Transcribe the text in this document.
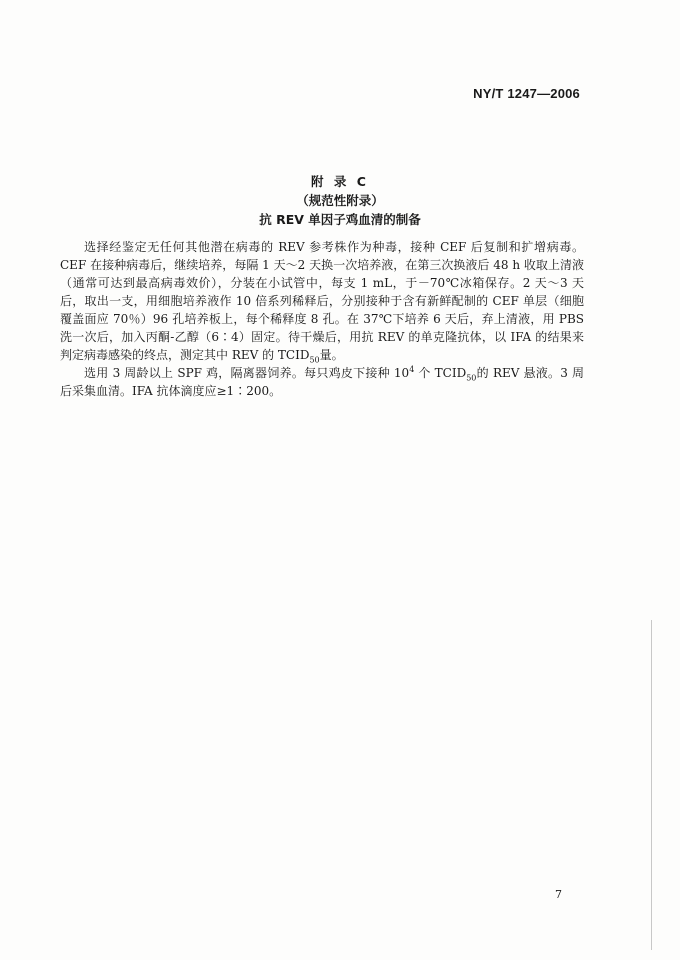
NY/T 1247—2006
附 录 C
（规范性附录）
抗 REV 单因子鸡血清的制备

选择经鉴定无任何其他潜在病毒的 REV 参考株作为种毒，接种 CEF 后复制和扩增病毒。CEF 在接种病毒后，继续培养，每隔 1 天～2 天换一次培养液，在第三次换液后 48 h 收取上清液（通常可达到最高病毒效价），分装在小试管中，每支 1 mL，于－70℃冰箱保存。2 天～3 天后，取出一支，用细胞培养液作 10 倍系列稀释后，分别接种于含有新鲜配制的 CEF 单层（细胞覆盖面应 70％）96 孔培养板上，每个稀释度 8 孔。在 37℃下培养 6 天后，弃上清液，用 PBS 洗一次后，加入丙酮-乙醇（6∶4）固定。待干燥后，用抗 REV 的单克隆抗体，以 IFA 的结果来判定病毒感染的终点，测定其中 REV 的 $TCID_{50}$量。

选用 3 周龄以上 SPF 鸡，隔离器饲养。每只鸡皮下接种 $10^4$ 个 $TCID_{50}$的 REV 悬液。3 周后采集血清。IFA 抗体滴度应≥1∶200。

7
